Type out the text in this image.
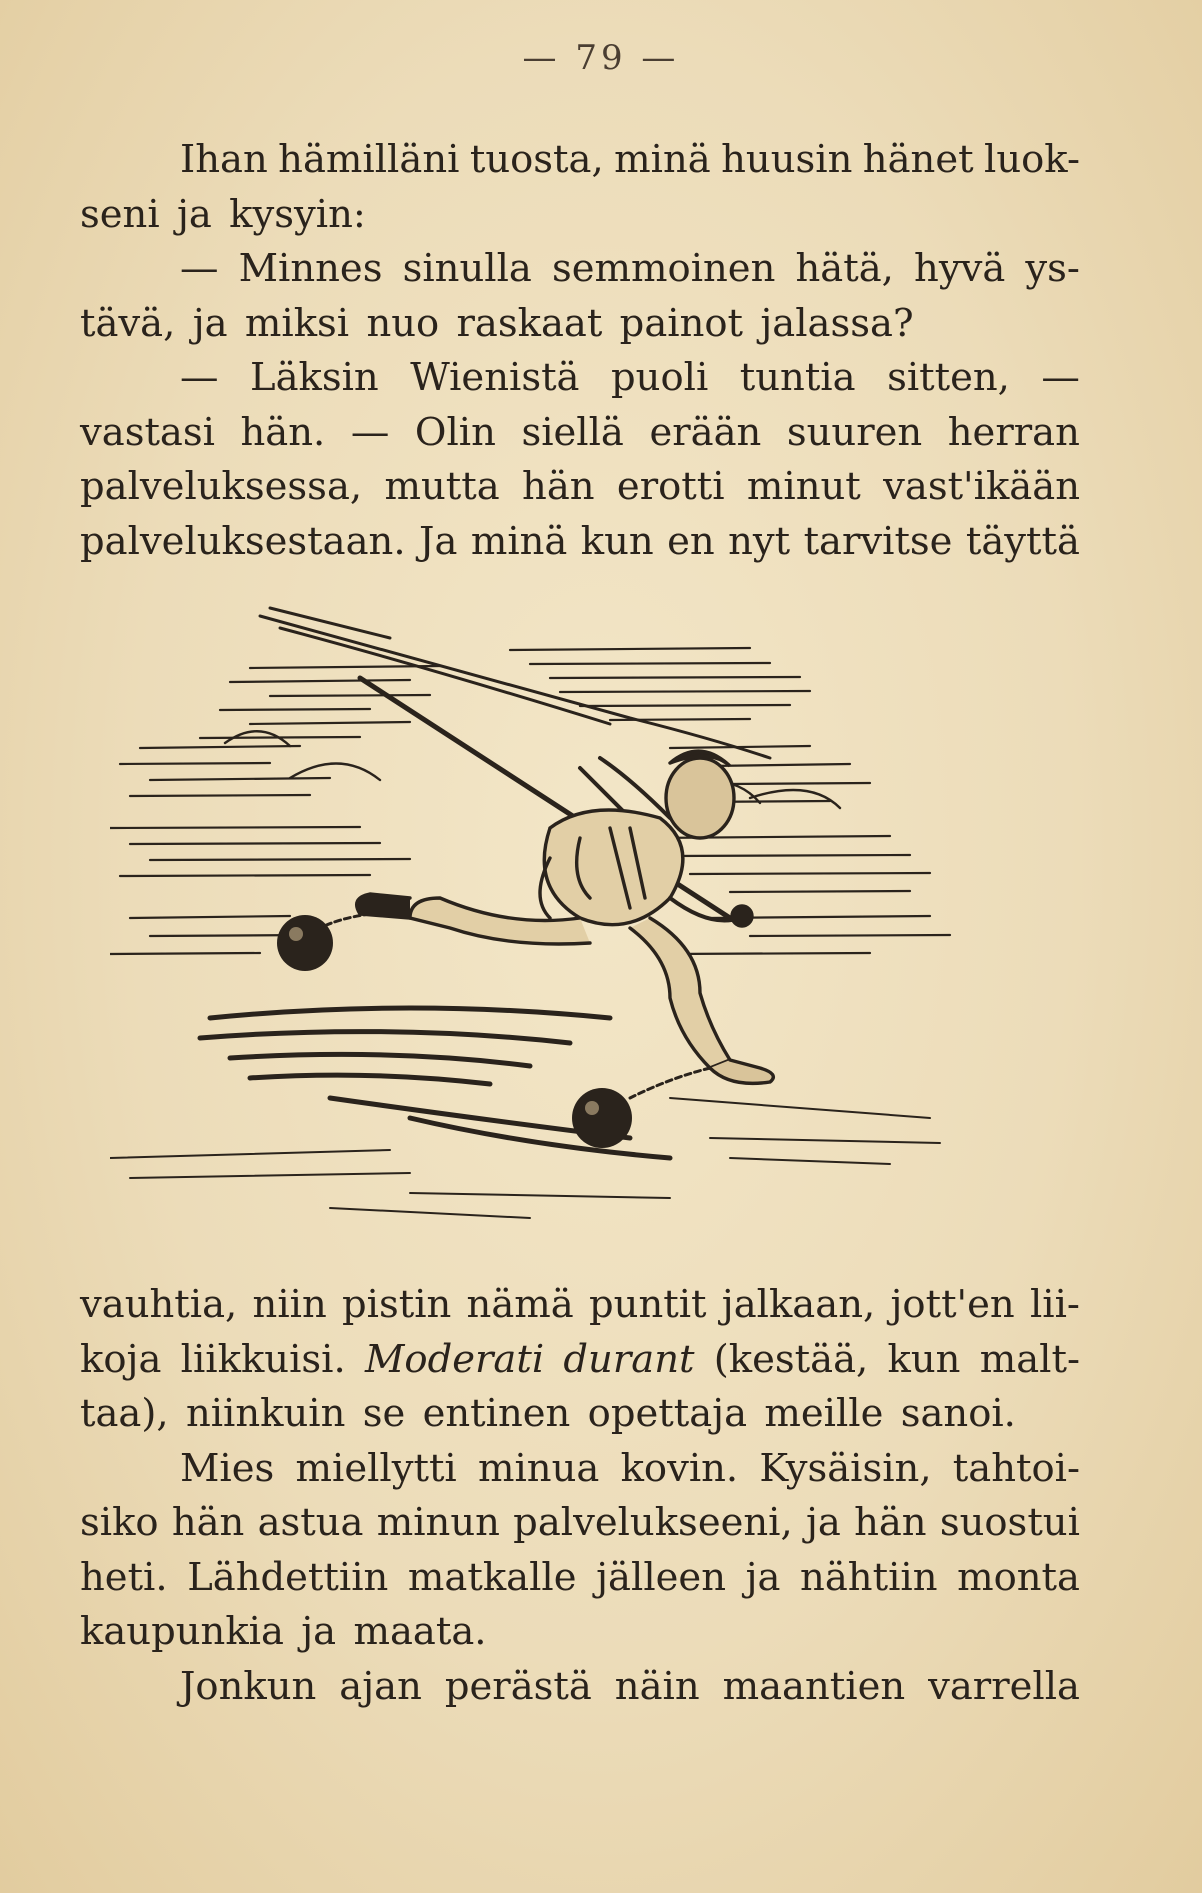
— 79 —
Ihan hämilläni tuosta, minä huusin hänet luok-
seni ja kysyin:
— Minnes sinulla semmoinen hätä, hyvä ys-
tävä, ja miksi nuo raskaat painot jalassa?
— Läksin Wienistä puoli tuntia sitten, —
vastasi hän. — Olin siellä erään suuren herran
palveluksessa, mutta hän erotti minut vast'ikään
palveluksestaan. Ja minä kun en nyt tarvitse täyttä
vauhtia, niin pistin nämä puntit jalkaan, jott'en lii-
koja liikkuisi. Moderati durant (kestää, kun malt-
taa), niinkuin se entinen opettaja meille sanoi.
Mies miellytti minua kovin. Kysäisin, tahtoi-
siko hän astua minun palvelukseeni, ja hän suostui
heti. Lähdettiin matkalle jälleen ja nähtiin monta
kaupunkia ja maata.
Jonkun ajan perästä näin maantien varrella
